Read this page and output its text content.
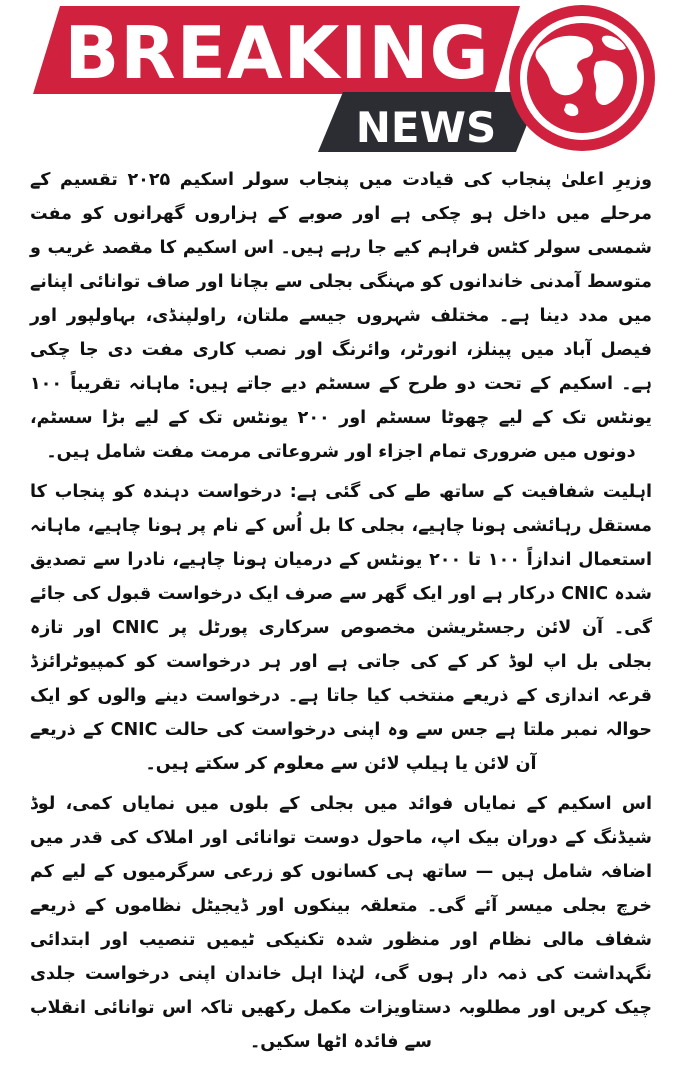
BREAKING
NEWS

وزیرِ اعلیٰ پنجاب کی قیادت میں پنجاب سولر اسکیم ۲۰۲۵ تقسیم کے مرحلے میں داخل ہو چکی ہے اور صوبے کے ہزاروں گھرانوں کو مفت شمسی سولر کٹس فراہم کیے جا رہے ہیں۔ اس اسکیم کا مقصد غریب و متوسط آمدنی خاندانوں کو مہنگی بجلی سے بچانا اور صاف توانائی اپنانے میں مدد دینا ہے۔ مختلف شہروں جیسے ملتان، راولپنڈی، بہاولپور اور فیصل آباد میں پینلز، انورٹر، وائرنگ اور نصب کاری مفت دی جا چکی ہے۔ اسکیم کے تحت دو طرح کے سسٹم دیے جاتے ہیں: ماہانہ تقریباً ۱۰۰ یونٹس تک کے لیے چھوٹا سسٹم اور ۲۰۰ یونٹس تک کے لیے بڑا سسٹم، دونوں میں ضروری تمام اجزاء اور شروعاتی مرمت مفت شامل ہیں۔

اہلیت شفافیت کے ساتھ طے کی گئی ہے: درخواست دہندہ کو پنجاب کا مستقل رہائشی ہونا چاہیے، بجلی کا بل اُس کے نام پر ہونا چاہیے، ماہانہ استعمال اندازاً ۱۰۰ تا ۲۰۰ یونٹس کے درمیان ہونا چاہیے، نادرا سے تصدیق شدہ CNIC درکار ہے اور ایک گھر سے صرف ایک درخواست قبول کی جائے گی۔ آن لائن رجسٹریشن مخصوص سرکاری پورٹل پر CNIC اور تازہ بجلی بل اپ لوڈ کر کے کی جاتی ہے اور ہر درخواست کو کمپیوٹرائزڈ قرعہ اندازی کے ذریعے منتخب کیا جاتا ہے۔ درخواست دینے والوں کو ایک حوالہ نمبر ملتا ہے جس سے وہ اپنی درخواست کی حالت CNIC کے ذریعے آن لائن یا ہیلپ لائن سے معلوم کر سکتے ہیں۔

اس اسکیم کے نمایاں فوائد میں بجلی کے بلوں میں نمایاں کمی، لوڈ شیڈنگ کے دوران بیک اپ، ماحول دوست توانائی اور املاک کی قدر میں اضافہ شامل ہیں — ساتھ ہی کسانوں کو زرعی سرگرمیوں کے لیے کم خرچ بجلی میسر آئے گی۔ متعلقہ بینکوں اور ڈیجیٹل نظاموں کے ذریعے شفاف مالی نظام اور منظور شدہ تکنیکی ٹیمیں تنصیب اور ابتدائی نگہداشت کی ذمہ دار ہوں گی، لہٰذا اہل خاندان اپنی درخواست جلدی چیک کریں اور مطلوبہ دستاویزات مکمل رکھیں تاکہ اس توانائی انقلاب سے فائدہ اٹھا سکیں۔
